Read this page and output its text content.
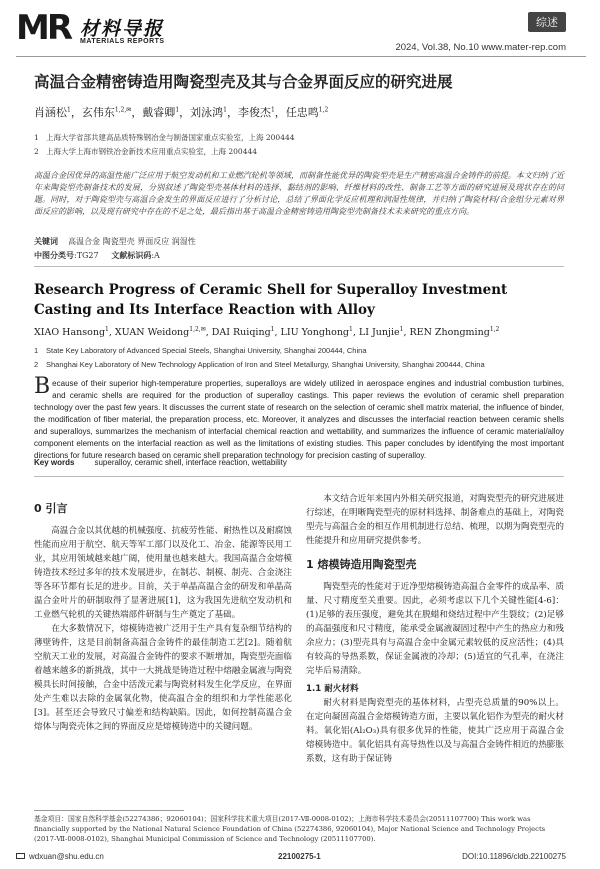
MR 材料导报
MATERIALS REPORTS
综述
2024, Vol.38, No.10 www.mater-rep.com
高温合金精密铸造用陶瓷型壳及其与合金界面反应的研究进展
肖涵松$^1$，玄伟东$^{1,2,✉}$，戴睿卿$^1$，刘泳鸿$^1$，李俊杰$^1$，任忠鸣$^{1,2}$
1 上海大学省部共建高品质特殊钢冶金与制备国家重点实验室，上海 200444
2 上海大学上海市钢铁冶金新技术应用重点实验室，上海 200444
高温合金因优异的高温性能广泛应用于航空发动机和工业燃汽轮机等领域，而制备性能优异的陶瓷型壳是生产精密高温合金铸件的前提。本文归纳了近年来陶瓷型壳制备技术的发展，分别叙述了陶瓷型壳基体材料的选择、黏结剂的影响、纤维材料的改性、制备工艺等方面的研究进展及现状存在的问题。同时，对于陶瓷型壳与高温合金发生的界面反应进行了分析讨论，总结了界面化学反应机理和润湿性规律，并归纳了陶瓷材料/合金组分元素对界面反应的影响，以及现有研究中存在的不足之处，最后指出基于高温合金精密铸造用陶瓷型壳制备技术未来研究的重点方向。
关键词 高温合金 陶瓷型壳 界面反应 润湿性
中图分类号:TG27 文献标识码:A
Research Progress of Ceramic Shell for Superalloy Investment Casting and Its Interface Reaction with Alloy
XIAO Hansong$^1$, XUAN Weidong$^{1,2,✉}$, DAI Ruiqing$^1$, LIU Yonghong$^1$, LI Junjie$^1$, REN Zhongming$^{1,2}$
1 State Key Laboratory of Advanced Special Steels, Shanghai University, Shanghai 200444, China
2 Shanghai Key Laboratory of New Technology Application of Iron and Steel Metallurgy, Shanghai University, Shanghai 200444, China
Because of their superior high-temperature properties, superalloys are widely utilized in aerospace engines and industrial combustion turbines, and ceramic shells are required for the production of superalloy castings. This paper reviews the evolution of ceramic shell preparation technology over the past few years. It discusses the current state of research on the selection of ceramic shell matrix material, the influence of binder, the modification of fiber material, the preparation process, etc. Moreover, it analyzes and discusses the interfacial reaction between ceramic shells and superalloys, summarizes the mechanism of interfacial chemical reaction and wettability, and summarizes the influence of ceramic material/alloy component elements on the interfacial reaction as well as the limitations of existing studies. This paper concludes by identifying the most important directions for future research based on ceramic shell preparation technology for precision casting of superalloy.
Key words	superalloy, ceramic shell, interface reaction, wettability
0 引言

高温合金以其优越的机械强度、抗疲劳性能、耐热性以及耐腐蚀性能而应用于航空、航天等军工部门以及化工、冶金、能源等民用工业，其应用领域越来越广阔，使用量也越来越大。我国高温合金熔模铸造技术经过多年的技术发展进步，在制芯、制模、制壳、合金浇注等各环节都有长足的进步。目前，关于单晶高温合金的研发和单晶高温合金叶片的研制取得了显著进展[1]，这为我国先进航空发动机和工业燃气轮机的关键热端部件研制与生产奠定了基础。

在大多数情况下，熔模铸造被广泛用于生产具有复杂细节结构的薄壁铸件，这是目前制备高温合金铸件的最佳制造工艺[2]。随着航空航天工业的发展，对高温合金铸件的要求不断增加，陶瓷型壳面临着越来越多的新挑战，其中一大挑战是铸造过程中熔融金属液与陶瓷模具长时间接触，合金中活泼元素与陶瓷材料发生化学反应，在界面处产生难以去除的金属氧化物，使高温合金的组织和力学性能恶化[3]。甚至还会导致尺寸偏差和结构缺陷。因此，如何控制高温合金熔体与陶瓷壳体之间的界面反应是熔模铸造中的关键问题。

本文结合近年来国内外相关研究报道，对陶瓷型壳的研究进展进行综述，在明晰陶瓷型壳的原材料选择、制备难点的基础上，对陶瓷型壳与高温合金的相互作用机制进行总结、梳理，以期为陶瓷型壳的性能提升和应用研究提供参考。

1 熔模铸造用陶瓷型壳

陶瓷型壳的性能对于近净型熔模铸造高温合金零件的成品率、质量、尺寸精度至关重要。因此，必须考虑以下几个关键性能[4-6]：(1)足够的表压强度，避免其在脱蜡和烧结过程中产生裂纹；(2)足够的高温强度和尺寸精度，能承受金属液凝固过程中产生的热应力和残余应力；(3)型壳具有与高温合金中金属元素较低的反应活性；(4)具有较高的导热系数，保证金属液的冷却；(5)适宜的气孔率，在浇注完毕后易清除。

1.1 耐火材料

耐火材料是陶瓷型壳的基体材料，占型壳总质量的90%以上。在定向凝固高温合金熔模铸造方面，主要以氧化铝作为型壳的耐火材料。氧化铝(Al₂O₃)具有很多优异的性能，使其广泛应用于高温合金熔模铸造中。氧化铝具有高导热性以及与高温合金铸件相近的热膨胀系数，这有助于保证铸

基金项目：国家自然科学基金(52274386；92060104)；国家科学技术重大项目(2017-Ⅶ-0008-0102)；上海市科学技术委员会(20511107700) This work was financially supported by the National Natural Science Foundation of China (52274386, 92060104), Major National Science and Technology Projects (2017-Ⅶ-0008-0102), Shanghai Municipal Commission of Science and Technology (20511107700).
wdxuan@shu.edu.cn	22100275-1	DOI:10.11896/cldb.22100275
